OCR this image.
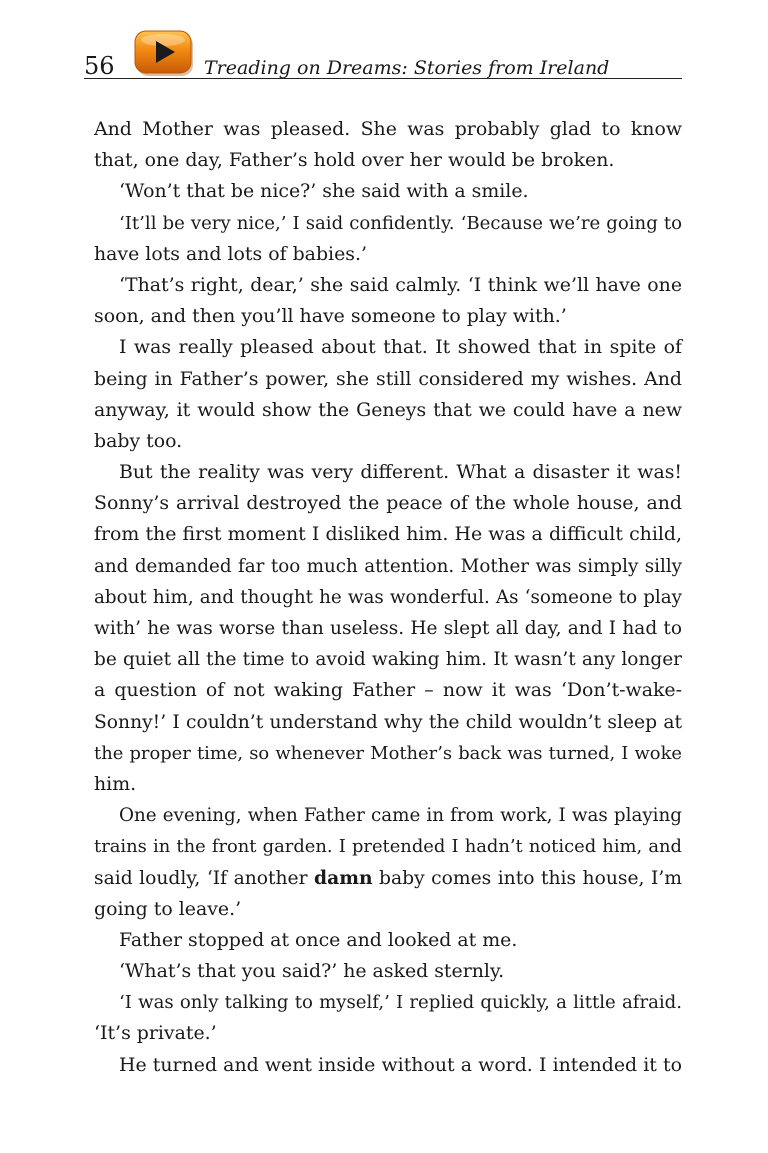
56	Treading on Dreams: Stories from Ireland
And Mother was pleased. She was probably glad to know
that, one day, Father’s hold over her would be broken.
‘Won’t that be nice?’ she said with a smile.
‘It’ll be very nice,’ I said confidently. ‘Because we’re going to
have lots and lots of babies.’
‘That’s right, dear,’ she said calmly. ‘I think we’ll have one
soon, and then you’ll have someone to play with.’
I was really pleased about that. It showed that in spite of
being in Father’s power, she still considered my wishes. And
anyway, it would show the Geneys that we could have a new
baby too.
But the reality was very different. What a disaster it was!
Sonny’s arrival destroyed the peace of the whole house, and
from the first moment I disliked him. He was a difficult child,
and demanded far too much attention. Mother was simply silly
about him, and thought he was wonderful. As ‘someone to play
with’ he was worse than useless. He slept all day, and I had to
be quiet all the time to avoid waking him. It wasn’t any longer
a question of not waking Father – now it was ‘Don’t-wake-
Sonny!’ I couldn’t understand why the child wouldn’t sleep at
the proper time, so whenever Mother’s back was turned, I woke
him.
One evening, when Father came in from work, I was playing
trains in the front garden. I pretended I hadn’t noticed him, and
said loudly, ‘If another damn baby comes into this house, I’m
going to leave.’
Father stopped at once and looked at me.
‘What’s that you said?’ he asked sternly.
‘I was only talking to myself,’ I replied quickly, a little afraid.
‘It’s private.’
He turned and went inside without a word. I intended it to
